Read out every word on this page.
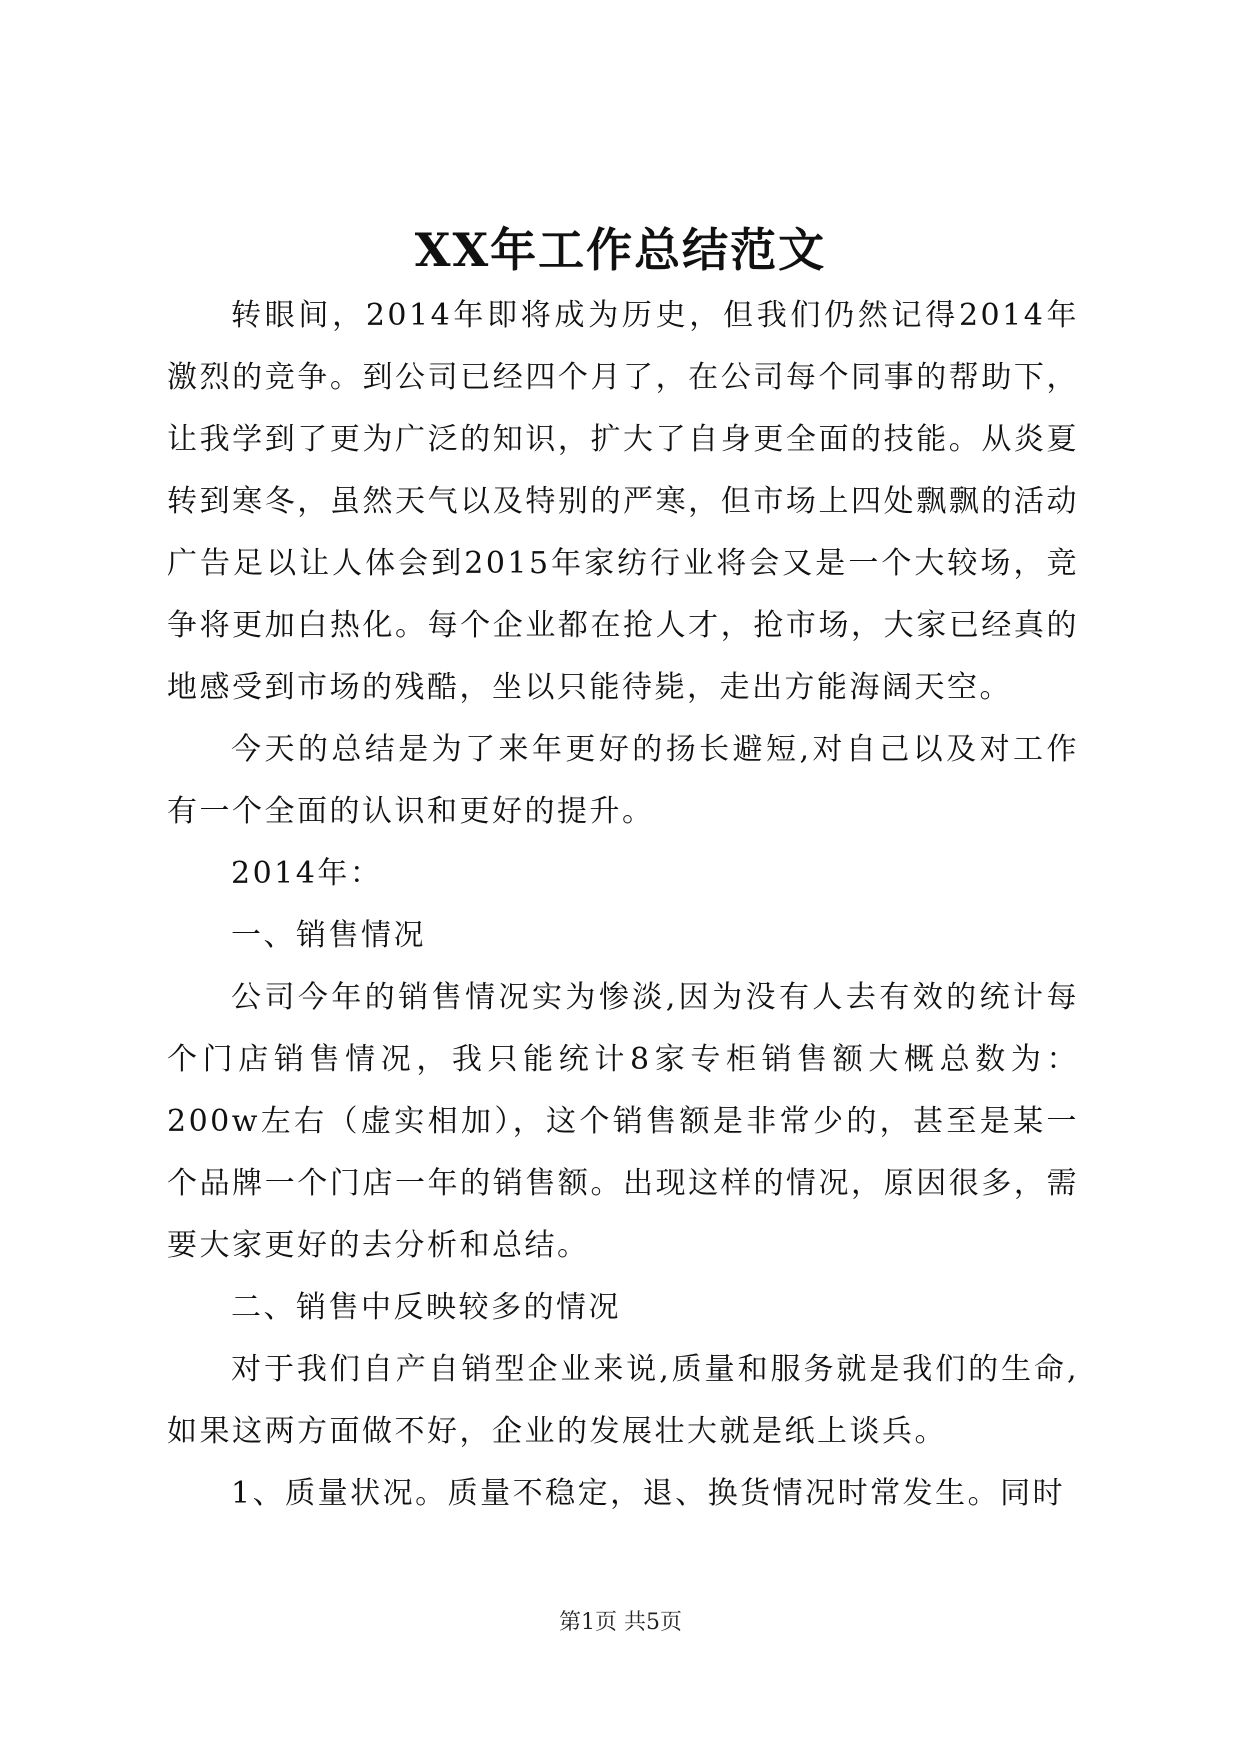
XX年工作总结范文

转眼间，2014年即将成为历史，但我们仍然记得2014年激烈的竞争。到公司已经四个月了，在公司每个同事的帮助下，让我学到了更为广泛的知识，扩大了自身更全面的技能。从炎夏转到寒冬，虽然天气以及特别的严寒，但市场上四处飘飘的活动广告足以让人体会到2015年家纺行业将会又是一个大较场，竞争将更加白热化。每个企业都在抢人才，抢市场，大家已经真的地感受到市场的残酷，坐以只能待毙，走出方能海阔天空。

今天的总结是为了来年更好的扬长避短,对自己以及对工作有一个全面的认识和更好的提升。

2014年：

一、销售情况

公司今年的销售情况实为惨淡,因为没有人去有效的统计每个门店销售情况，我只能统计8家专柜销售额大概总数为：200w左右（虚实相加），这个销售额是非常少的，甚至是某一个品牌一个门店一年的销售额。出现这样的情况，原因很多，需要大家更好的去分析和总结。

二、销售中反映较多的情况

对于我们自产自销型企业来说,质量和服务就是我们的生命,如果这两方面做不好，企业的发展壮大就是纸上谈兵。

1、质量状况。质量不稳定，退、换货情况时常发生。同时

第1页 共5页
